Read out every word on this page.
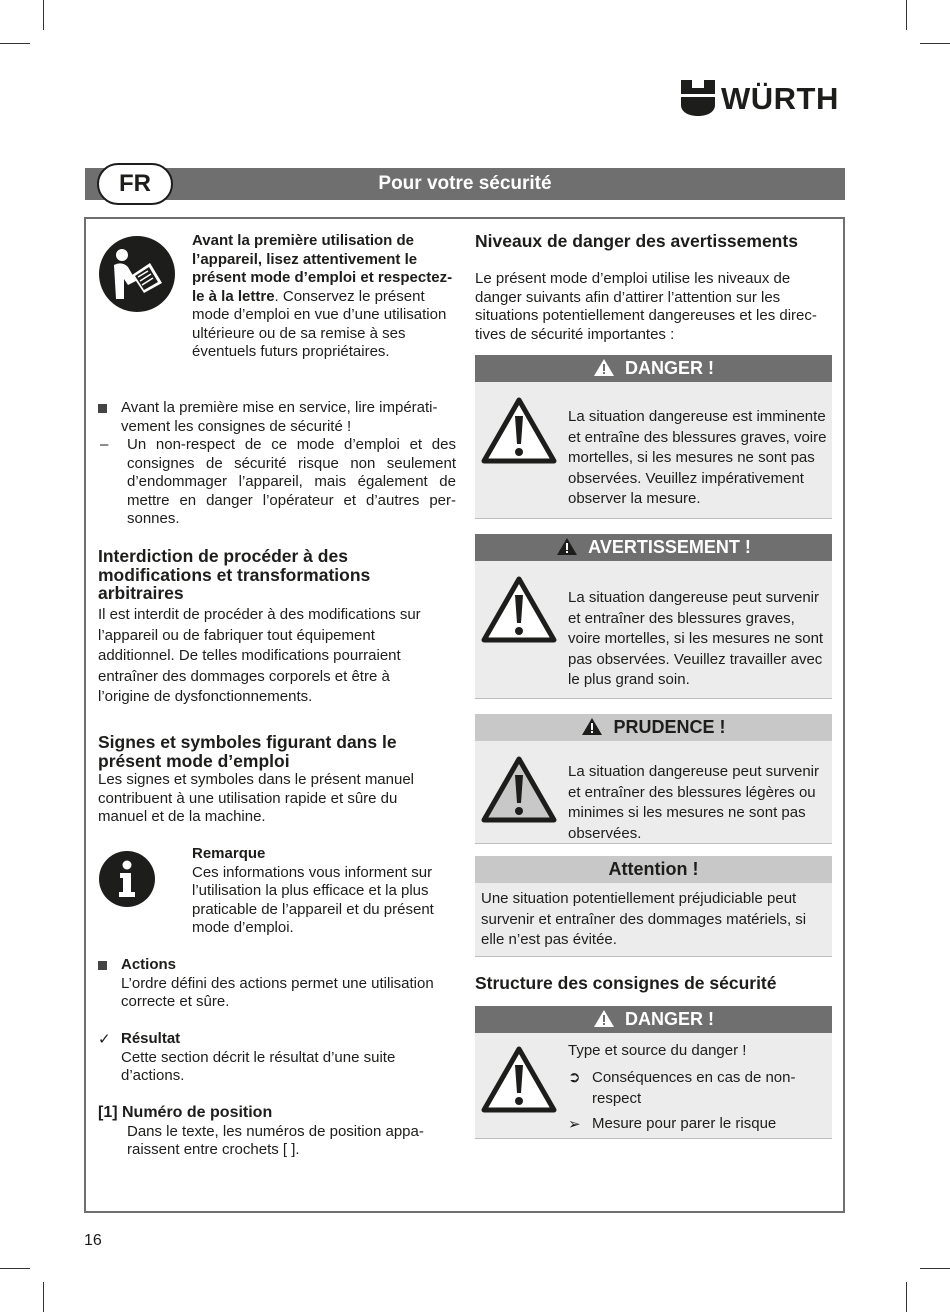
WÜRTH
FR	Pour votre sécurité

Avant la première utilisation de l’appareil, lisez attentivement le présent mode d’emploi et respectez-le à la lettre. Conservez le présent mode d’emploi en vue d’une utilisation ultérieure ou de sa remise à ses éventuels futurs propriétaires.

Avant la première mise en service, lire impérativement les consignes de sécurité !

–	Un non-respect de ce mode d’emploi et des consignes de sécurité risque non seulement d’endommager l’appareil, mais également de mettre en danger l’opérateur et d’autres personnes.

Interdiction de procéder à des modifications et transformations arbitraires

Il est interdit de procéder à des modifications sur l’appareil ou de fabriquer tout équipement additionnel. De telles modifications pourraient entraîner des dommages corporels et être à l’origine de dysfonctionnements.

Signes et symboles figurant dans le présent mode d’emploi

Les signes et symboles dans le présent manuel contribuent à une utilisation rapide et sûre du manuel et de la machine.

Remarque

Ces informations vous informent sur l’utilisation la plus efficace et la plus praticable de l’appareil et du présent mode d’emploi.

Actions

L’ordre défini des actions permet une utilisation correcte et sûre.

✓ Résultat

Cette section décrit le résultat d’une suite d’actions.

[1] Numéro de position

Dans le texte, les numéros de position apparaissent entre crochets [ ].

Niveaux de danger des avertissements

Le présent mode d’emploi utilise les niveaux de danger suivants afin d’attirer l’attention sur les situations potentiellement dangereuses et les directives de sécurité importantes :

DANGER !

La situation dangereuse est imminente et entraîne des blessures graves, voire mortelles, si les mesures ne sont pas observées. Veuillez impérativement observer la mesure.

AVERTISSEMENT !

La situation dangereuse peut survenir et entraîner des blessures graves, voire mortelles, si les mesures ne sont pas observées. Veuillez travailler avec le plus grand soin.

PRUDENCE !

La situation dangereuse peut survenir et entraîner des blessures légères ou minimes si les mesures ne sont pas observées.

Attention !

Une situation potentiellement préjudiciable peut survenir et entraîner des dommages matériels, si elle n’est pas évitée.

Structure des consignes de sécurité
DANGER !

Type et source du danger !

➲ Conséquences en cas de non-respect

➢ Mesure pour parer le risque

16
